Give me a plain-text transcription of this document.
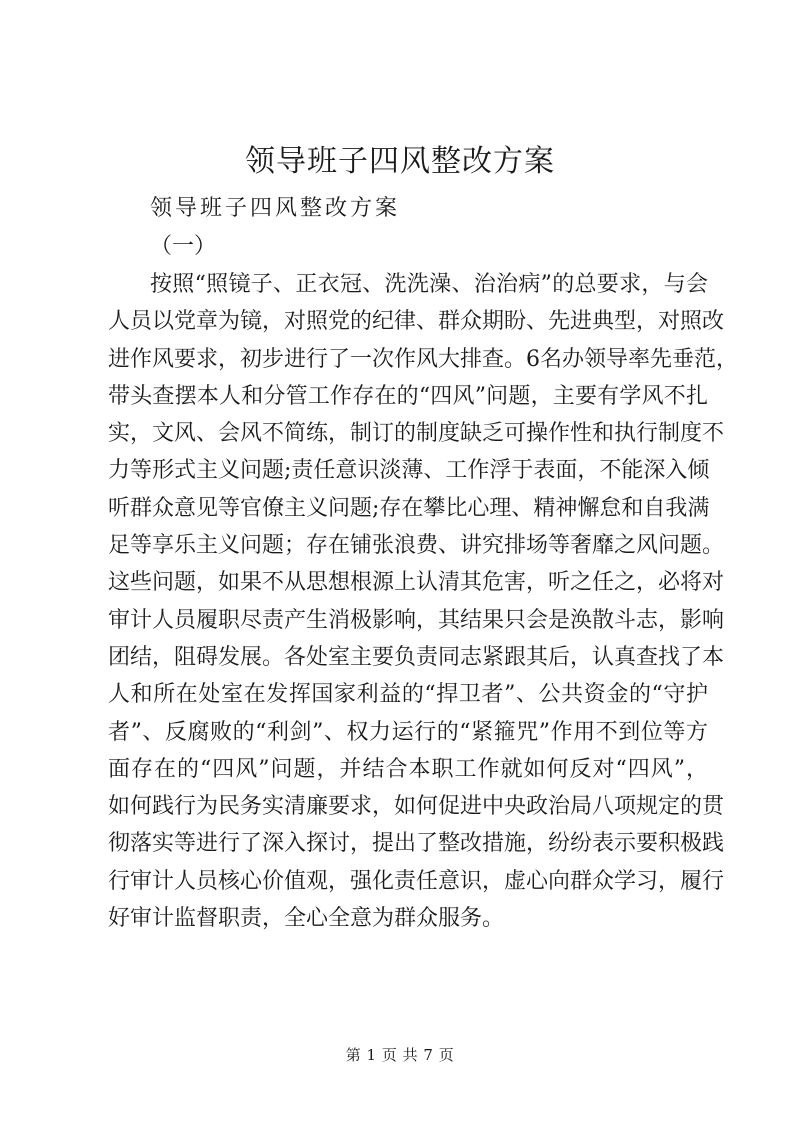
领导班子四风整改方案
领导班子四风整改方案
（一）
按照“照镜子、正衣冠、洗洗澡、治治病”的总要求，与会
人员以党章为镜，对照党的纪律、群众期盼、先进典型，对照改
进作风要求，初步进行了一次作风大排查。6名办领导率先垂范，
带头查摆本人和分管工作存在的“四风”问题，主要有学风不扎
实，文风、会风不简练，制订的制度缺乏可操作性和执行制度不
力等形式主义问题;责任意识淡薄、工作浮于表面，不能深入倾
听群众意见等官僚主义问题;存在攀比心理、精神懈怠和自我满
足等享乐主义问题；存在铺张浪费、讲究排场等奢靡之风问题。
这些问题，如果不从思想根源上认清其危害，听之任之，必将对
审计人员履职尽责产生消极影响，其结果只会是涣散斗志，影响
团结，阻碍发展。各处室主要负责同志紧跟其后，认真查找了本
人和所在处室在发挥国家利益的“捍卫者”、公共资金的“守护
者”、反腐败的“利剑”、权力运行的“紧箍咒”作用不到位等方
面存在的“四风”问题，并结合本职工作就如何反对“四风”，
如何践行为民务实清廉要求，如何促进中央政治局八项规定的贯
彻落实等进行了深入探讨，提出了整改措施，纷纷表示要积极践
行审计人员核心价值观，强化责任意识，虚心向群众学习，履行
好审计监督职责，全心全意为群众服务。
第 1 页 共 7 页
